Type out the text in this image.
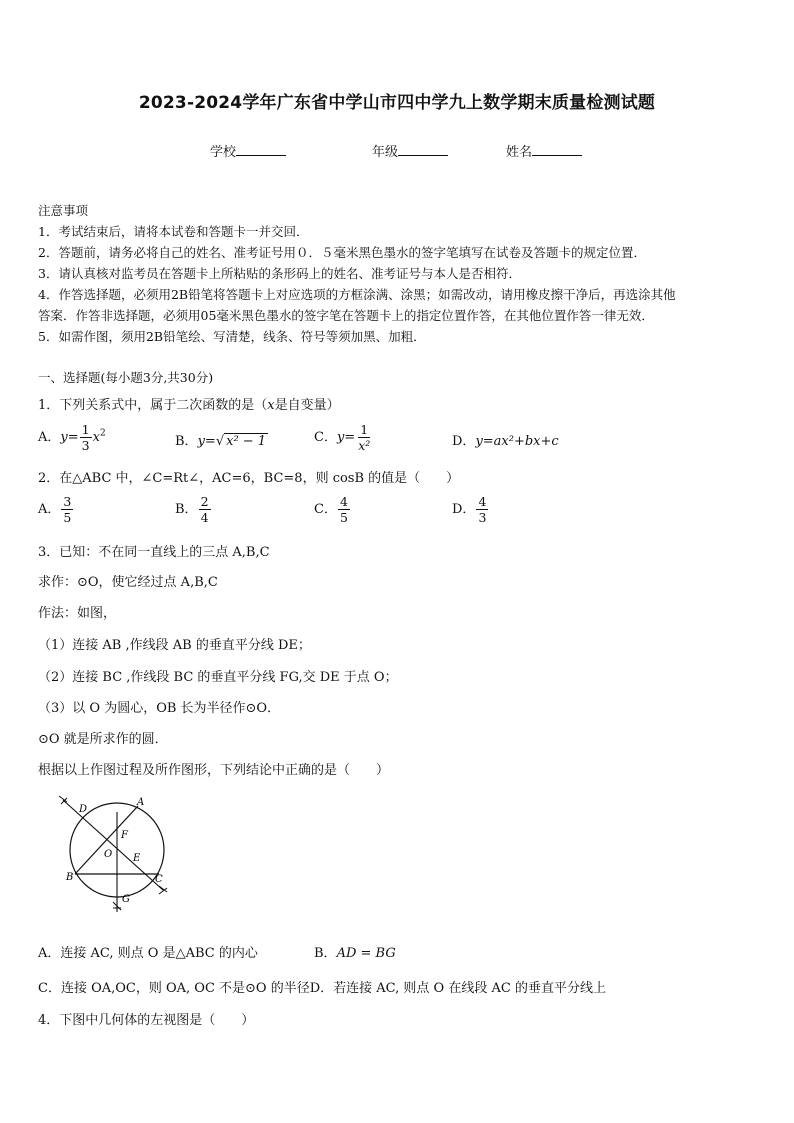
2023-2024学年广东省中学山市四中学九上数学期末质量检测试题
学校	年级	姓名
注意事项
1．考试结束后，请将本试卷和答题卡一并交回．
2．答题前，请务必将自己的姓名、准考证号用０．５毫米黑色墨水的签字笔填写在试卷及答题卡的规定位置．
3．请认真核对监考员在答题卡上所粘贴的条形码上的姓名、准考证号与本人是否相符．
4．作答选择题，必须用2B铅笔将答题卡上对应选项的方框涂满、涂黑；如需改动，请用橡皮擦干净后，再选涂其他
答案．作答非选择题，必须用05毫米黑色墨水的签字笔在答题卡上的指定位置作答，在其他位置作答一律无效．
5．如需作图，须用2B铅笔绘、写清楚，线条、符号等须加黑、加粗．
一、选择题(每小题3分,共30分)
1．下列关系式中，属于二次函数的是（x是自变量）
A．$y= \frac{1}{3} x^2$
B．y=√ x² − 1	C．$y= \frac{1}{\text{x²}}$	D．y=ax²+bx+c
2．在△ABC 中，∠C=Rt∠，AC=6，BC=8，则 cosB 的值是（　　）
A． $\frac{3}{5}$	B． $\frac{2}{4}$	C． $\frac{4}{5}$	D． $\frac{4}{3}$
3．已知：不在同一直线上的三点 A,B,C
求作：⊙O，使它经过点 A,B,C
作法：如图，
（1）连接 AB ,作线段 AB 的垂直平分线 DE；
（2）连接 BC ,作线段 BC 的垂直平分线 FG,交 DE 于点 O；
（3）以 O 为圆心，OB 长为半径作⊙O．
⊙O 就是所求作的圆．
根据以上作图过程及所作图形，下列结论中正确的是（　　）
D
A
F
O E
B	C
G
A．连接 AC, 则点 O 是△ABC 的内心	B．AD = BG
C．连接 OA,OC，则 OA, OC 不是⊙O 的半径D．若连接 AC, 则点 O 在线段 AC 的垂直平分线上
4．下图中几何体的左视图是（　　）
